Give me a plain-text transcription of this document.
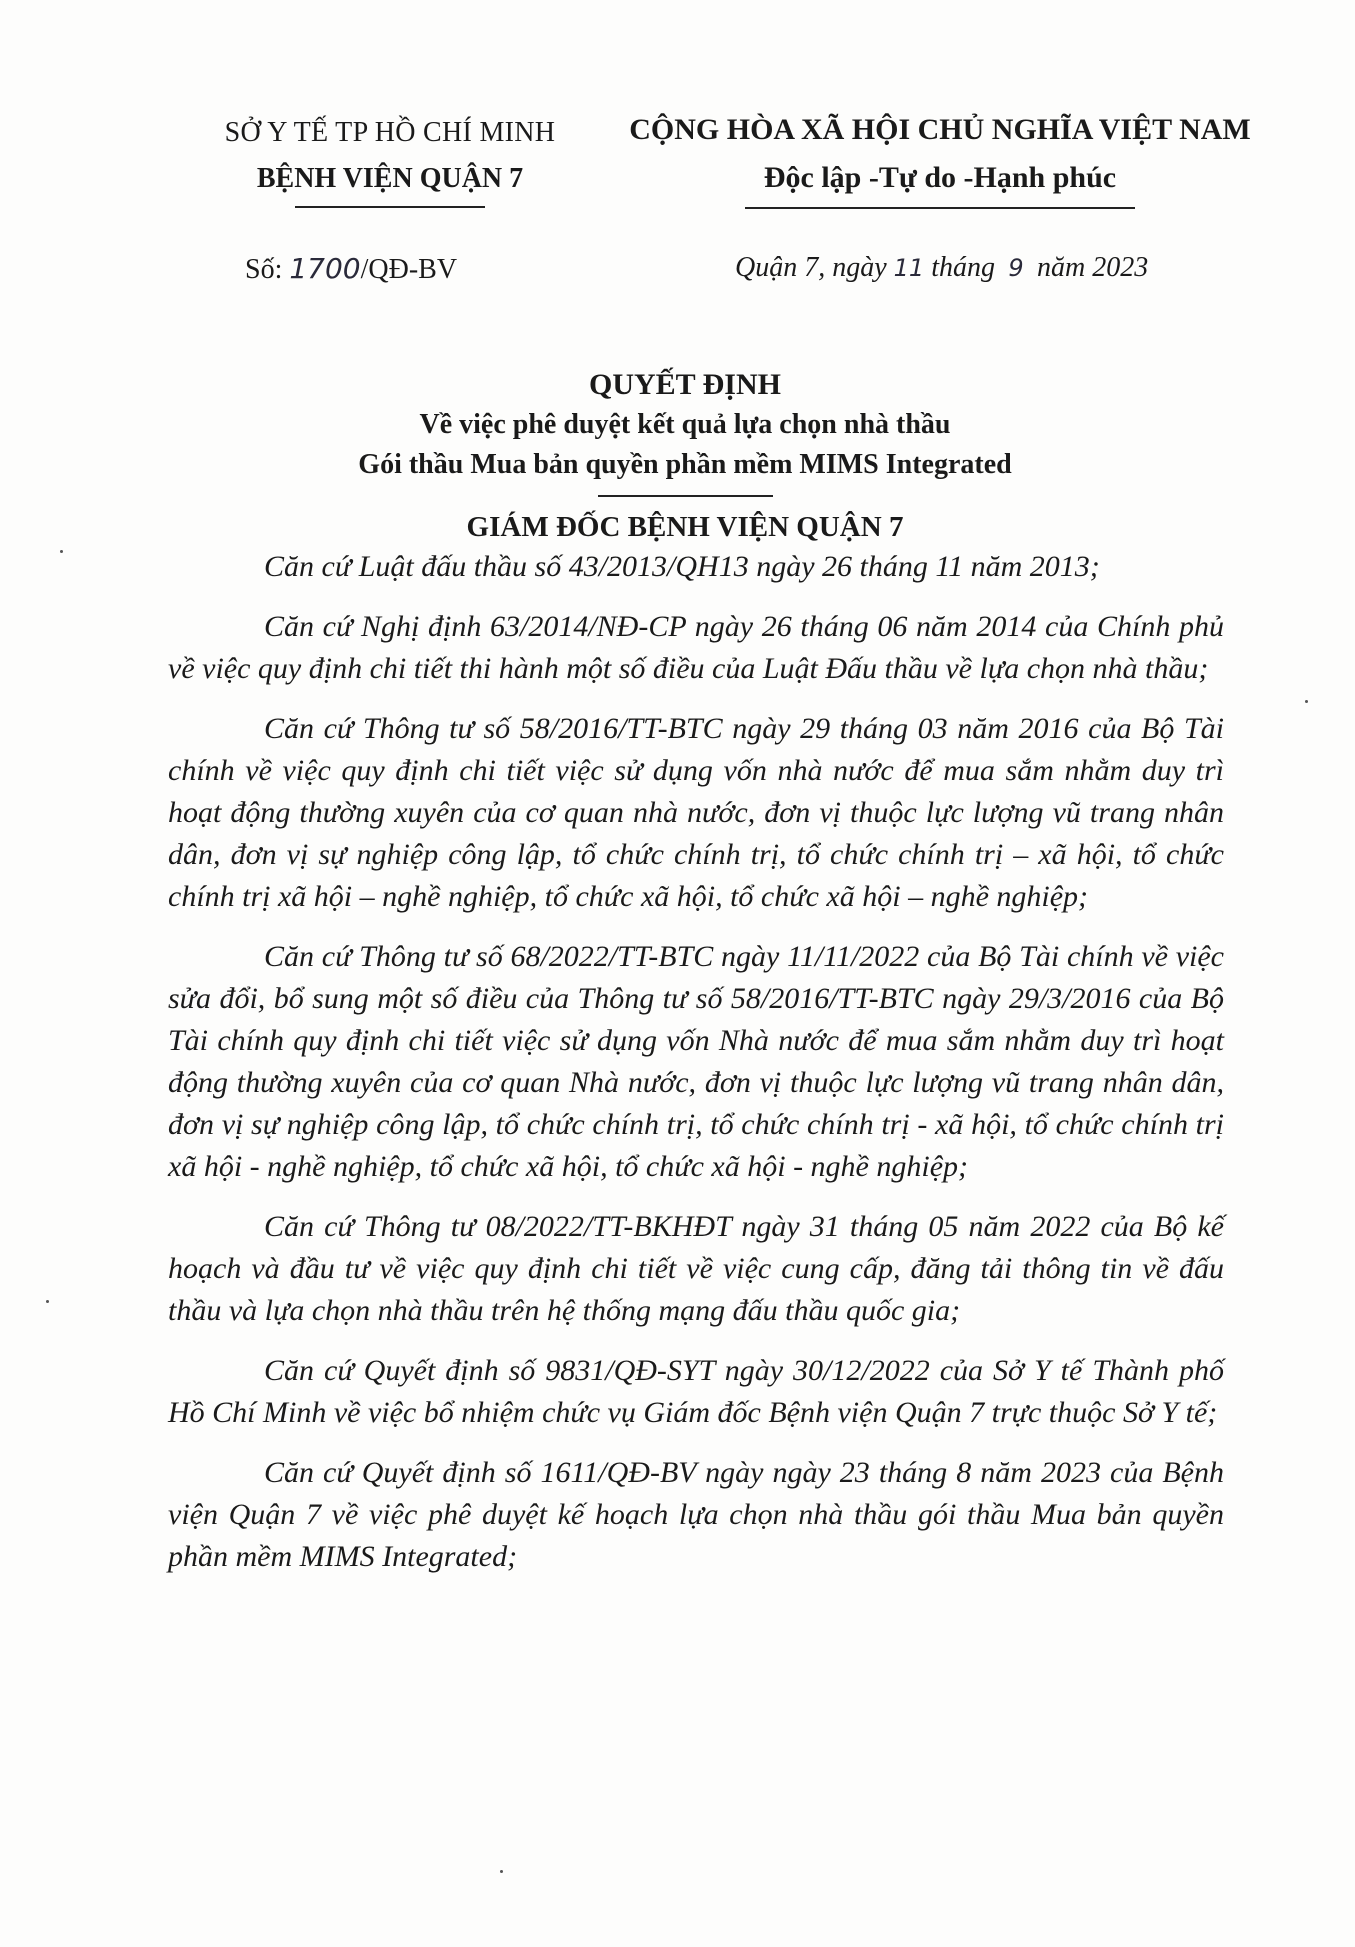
SỞ Y TẾ TP HỒ CHÍ MINH
BỆNH VIỆN QUẬN 7
CỘNG HÒA XÃ HỘI CHỦ NGHĨA VIỆT NAM
Độc lập -Tự do -Hạnh phúc
Số: 1700/QĐ-BV	Quận 7, ngày 11 tháng 9 năm 2023
QUYẾT ĐỊNH
Về việc phê duyệt kết quả lựa chọn nhà thầu
Gói thầu Mua bản quyền phần mềm MIMS Integrated
GIÁM ĐỐC BỆNH VIỆN QUẬN 7

Căn cứ Luật đấu thầu số 43/2013/QH13 ngày 26 tháng 11 năm 2013;

Căn cứ Nghị định 63/2014/NĐ-CP ngày 26 tháng 06 năm 2014 của Chính phủ về việc quy định chi tiết thi hành một số điều của Luật Đấu thầu về lựa chọn nhà thầu;

Căn cứ Thông tư số 58/2016/TT-BTC ngày 29 tháng 03 năm 2016 của Bộ Tài chính về việc quy định chi tiết việc sử dụng vốn nhà nước để mua sắm nhằm duy trì hoạt động thường xuyên của cơ quan nhà nước, đơn vị thuộc lực lượng vũ trang nhân dân, đơn vị sự nghiệp công lập, tổ chức chính trị, tổ chức chính trị – xã hội, tổ chức chính trị xã hội – nghề nghiệp, tổ chức xã hội, tổ chức xã hội – nghề nghiệp;

Căn cứ Thông tư số 68/2022/TT-BTC ngày 11/11/2022 của Bộ Tài chính về việc sửa đổi, bổ sung một số điều của Thông tư số 58/2016/TT-BTC ngày 29/3/2016 của Bộ Tài chính quy định chi tiết việc sử dụng vốn Nhà nước để mua sắm nhằm duy trì hoạt động thường xuyên của cơ quan Nhà nước, đơn vị thuộc lực lượng vũ trang nhân dân, đơn vị sự nghiệp công lập, tổ chức chính trị, tổ chức chính trị - xã hội, tổ chức chính trị xã hội - nghề nghiệp, tổ chức xã hội, tổ chức xã hội - nghề nghiệp;

Căn cứ Thông tư 08/2022/TT-BKHĐT ngày 31 tháng 05 năm 2022 của Bộ kế hoạch và đầu tư về việc quy định chi tiết về việc cung cấp, đăng tải thông tin về đấu thầu và lựa chọn nhà thầu trên hệ thống mạng đấu thầu quốc gia;

Căn cứ Quyết định số 9831/QĐ-SYT ngày 30/12/2022 của Sở Y tế Thành phố Hồ Chí Minh về việc bổ nhiệm chức vụ Giám đốc Bệnh viện Quận 7 trực thuộc Sở Y tế;

Căn cứ Quyết định số 1611/QĐ-BV ngày ngày 23 tháng 8 năm 2023 của Bệnh viện Quận 7 về việc phê duyệt kế hoạch lựa chọn nhà thầu gói thầu Mua bản quyền phần mềm MIMS Integrated;
